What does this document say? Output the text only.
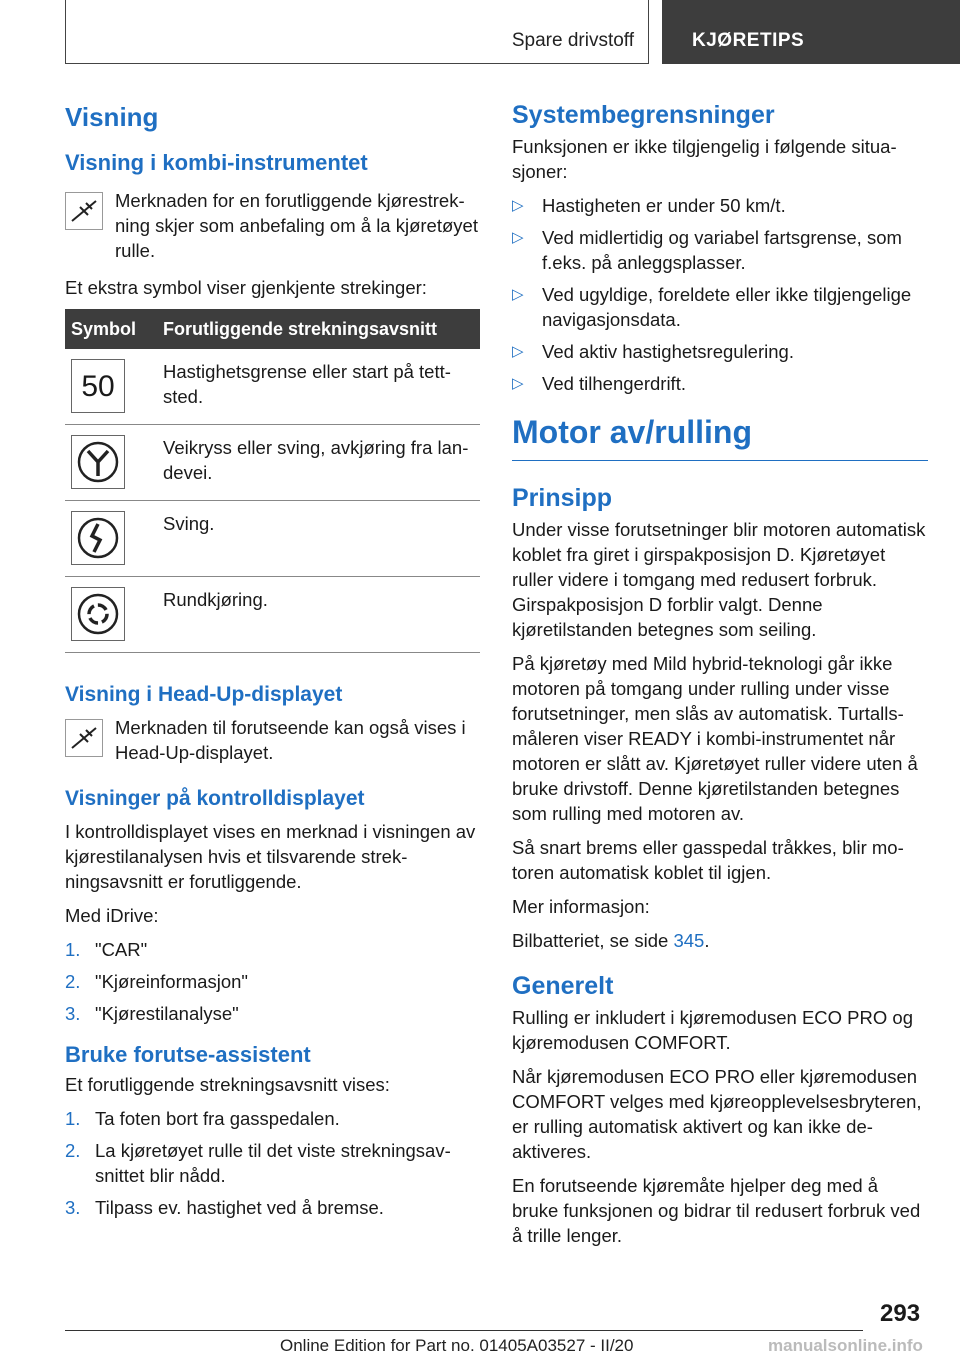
Spare drivstoff	KJØRETIPS
Visning
Visning i kombi-instrumentet
Merknaden for en forutliggende kjørestrekning skjer som anbefaling om å la kjøretøyet rulle.

Et ekstra symbol viser gjenkjente strekinger:

Symbol	Forutliggende strekningsavsnitt

50	Hastighetsgrense eller start på tettsted.

	Veikryss eller sving, avkjøring fra landevei.

	Sving.

	Rundkjøring.
Visning i Head-Up-displayet
Merknaden til forutseende kan også vises i Head-Up-displayet.
Visninger på kontrolldisplayet

I kontrolldisplayet vises en merknad i visningen av kjørestilanalysen hvis et tilsvarende strekningsavsnitt er forutliggende.

Med iDrive:

1. "CAR"
2. "Kjøreinformasjon"
3. "Kjørestilanalyse"
Bruke forutse-assistent

Et forutliggende strekningsavsnitt vises:

1. Ta foten bort fra gasspedalen.
2. La kjøretøyet rulle til det viste strekningsavsnittet blir nådd.
3. Tilpass ev. hastighet ved å bremse.
Systembegrensninger

Funksjonen er ikke tilgjengelig i følgende situasjoner:

▷ Hastigheten er under 50 km/t.
▷ Ved midlertidig og variabel fartsgrense, som f.eks. på anleggsplasser.
▷ Ved ugyldige, foreldete eller ikke tilgjengelige navigasjonsdata.
▷ Ved aktiv hastighetsregulering.
▷ Ved tilhengerdrift.
Motor av/rulling
Prinsipp

Under visse forutsetninger blir motoren automatisk koblet fra giret i girspakposisjon D. Kjøretøyet ruller videre i tomgang med redusert forbruk. Girspakposisjon D forblir valgt. Denne kjøretilstanden betegnes som seiling.

På kjøretøy med Mild hybrid-teknologi går ikke motoren på tomgang under rulling under visse forutsetninger, men slås av automatisk. Turtallsmåleren viser READY i kombi-instrumentet når motoren er slått av. Kjøretøyet ruller videre uten å bruke drivstoff. Denne kjøretilstanden betegnes som rulling med motoren av.

Så snart brems eller gasspedal tråkkes, blir motoren automatisk koblet til igjen.

Mer informasjon:

Bilbatteriet, se side 345.

Generelt

Rulling er inkludert i kjøremodusen ECO PRO og kjøremodusen COMFORT.

Når kjøremodusen ECO PRO eller kjøremodusen COMFORT velges med kjøreopplevelsesbryteren, er rulling automatisk aktivert og kan ikke deaktiveres.

En forutseende kjøremåte hjelper deg med å bruke funksjonen og bidrar til redusert forbruk ved å trille lenger.

293
Online Edition for Part no. 01405A03527 - II/20	manualsonline.info
